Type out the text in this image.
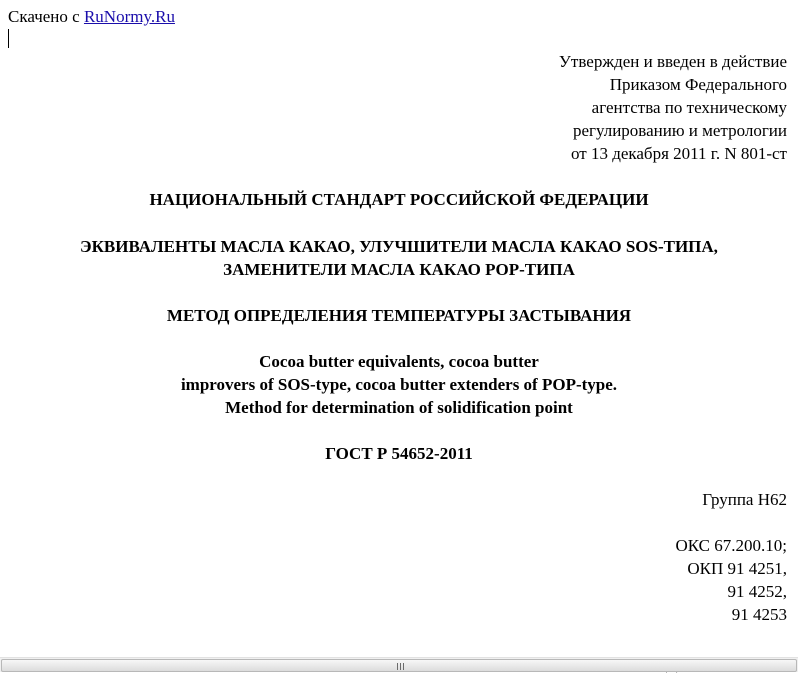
Скачено с RuNormy.Ru
Утвержден и введен в действие
Приказом Федерального
агентства по техническому
регулированию и метрологии
от 13 декабря 2011 г. N 801-ст
НАЦИОНАЛЬНЫЙ СТАНДАРТ РОССИЙСКОЙ ФЕДЕРАЦИИ
ЭКВИВАЛЕНТЫ МАСЛА КАКАО, УЛУЧШИТЕЛИ МАСЛА КАКАО SOS-ТИПА,
ЗАМЕНИТЕЛИ МАСЛА КАКАО POP-ТИПА
МЕТОД ОПРЕДЕЛЕНИЯ ТЕМПЕРАТУРЫ ЗАСТЫВАНИЯ
Cocoa butter equivalents, cocoa butter
improvers of SOS-type, cocoa butter extenders of POP-type.
Method for determination of solidification point
ГОСТ Р 54652-2011
Группа Н62
ОКС 67.200.10;
ОКП 91 4251,
91 4252,
91 4253
